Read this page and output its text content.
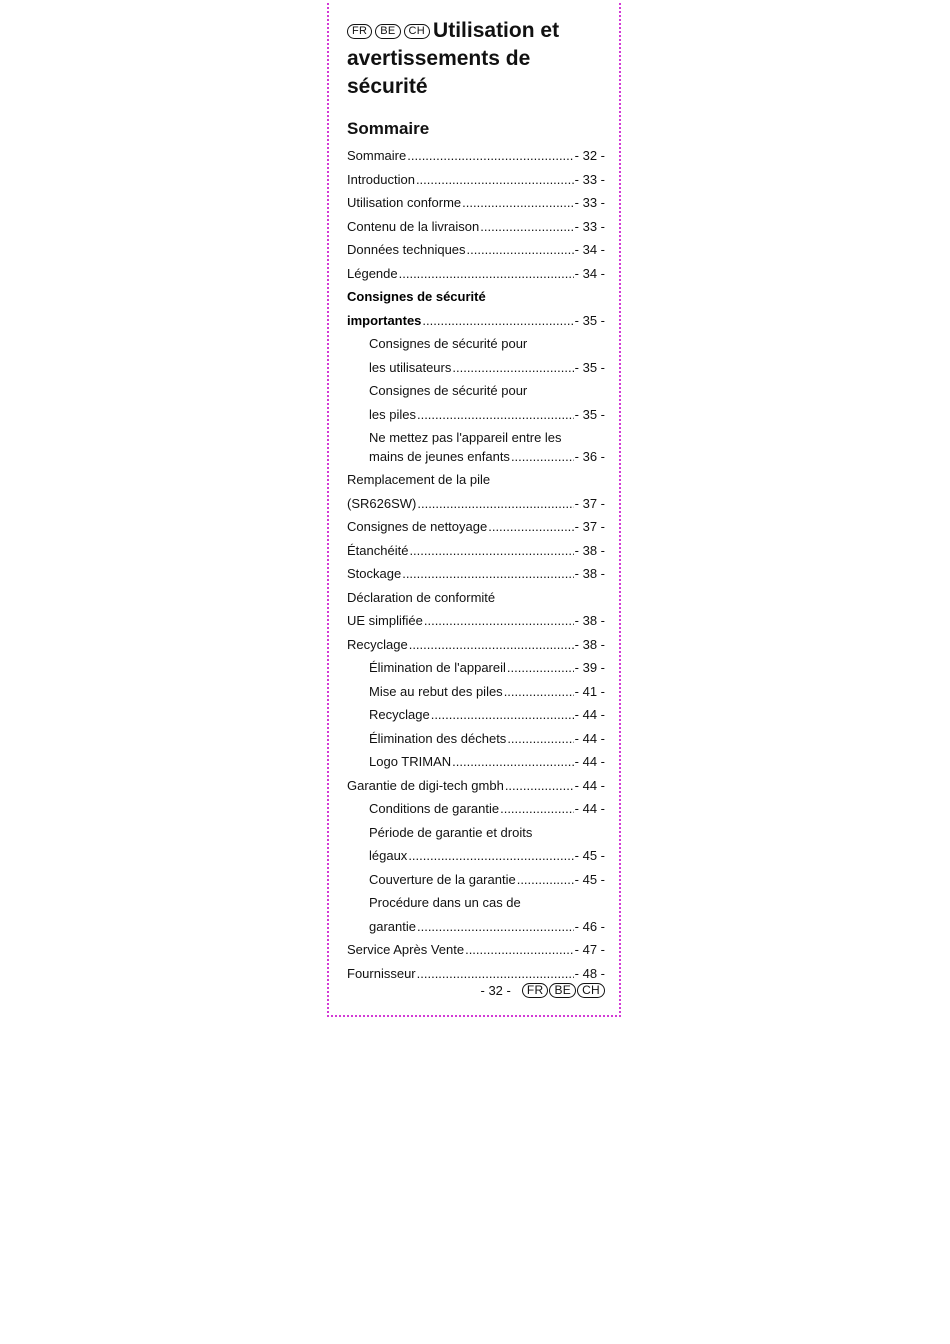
FR BE CH Utilisation et avertissements de sécurité
Sommaire
Sommaire .....	- 32 -
Introduction .....	- 33 -
Utilisation conforme .....	- 33 -
Contenu de la livraison .....	- 33 -
Données techniques .....	- 34 -
Légende .....	- 34 -
Consignes de sécurité
importantes .....	- 35 -
Consignes de sécurité pour
les utilisateurs .....	- 35 -
Consignes de sécurité pour
les piles .....	- 35 -
Ne mettez pas l'appareil entre les
mains de jeunes enfants .....	- 36 -
Remplacement de la pile
(SR626SW) .....	- 37 -
Consignes de nettoyage .....	- 37 -
Étanchéité .....	- 38 -
Stockage .....	- 38 -
Déclaration de conformité
UE simplifiée .....	- 38 -
Recyclage .....	- 38 -
Élimination de l'appareil .....	- 39 -
Mise au rebut des piles .....	- 41 -
Recyclage .....	- 44 -
Élimination des déchets .....	- 44 -
Logo TRIMAN .....	- 44 -
Garantie de digi-tech gmbh .....	- 44 -
Conditions de garantie .....	- 44 -
Période de garantie et droits
légaux .....	- 45 -
Couverture de la garantie .....	- 45 -
Procédure dans un cas de
garantie .....	- 46 -
Service Après Vente .....	- 47 -
Fournisseur .....	- 48 -
- 32 - FR BE CH
